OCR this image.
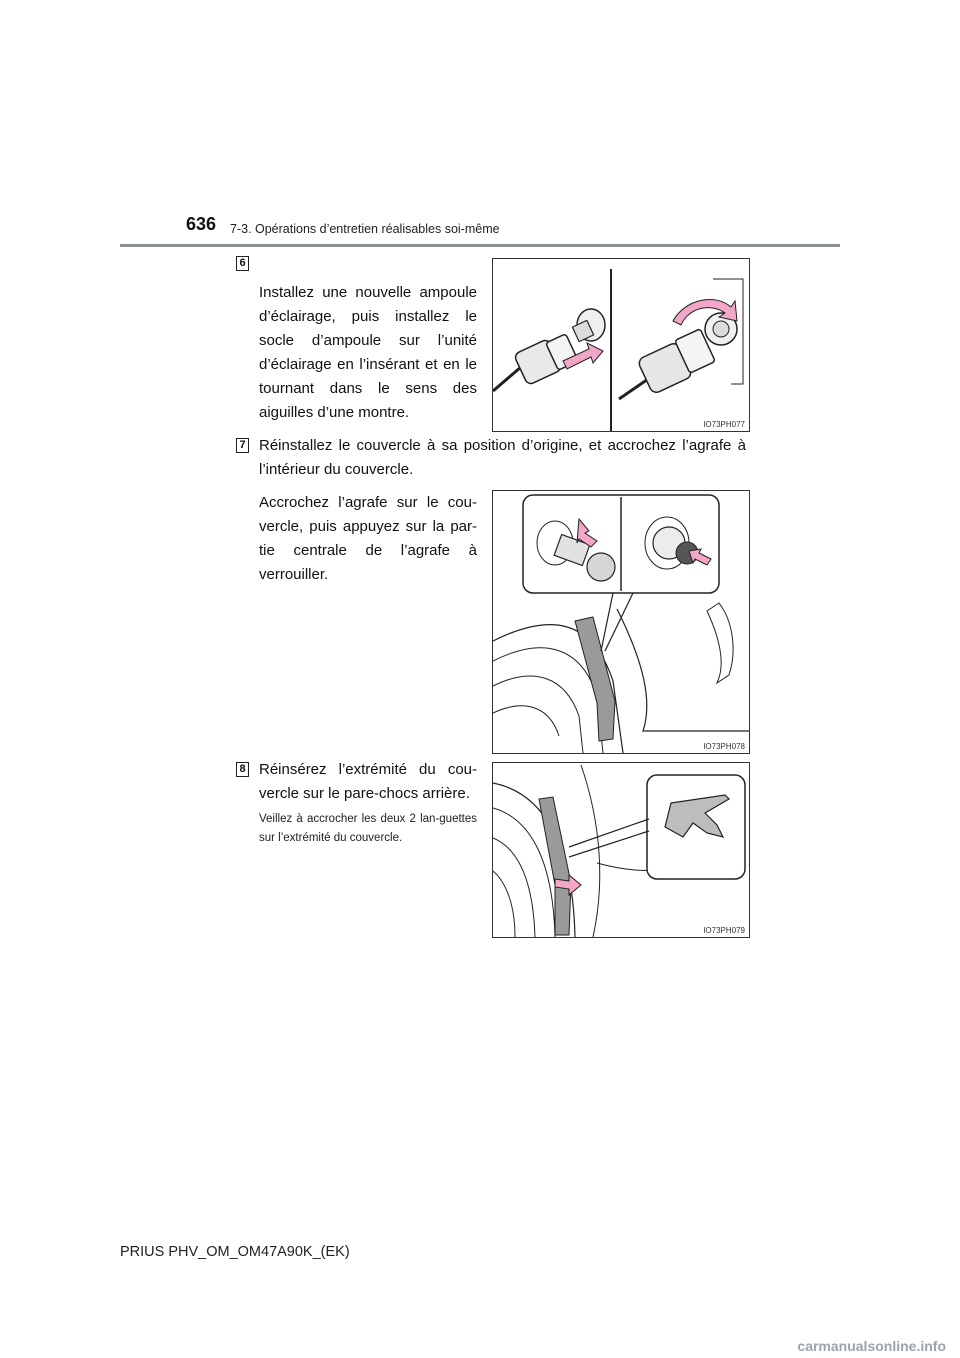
636 7-3. Opérations d’entretien réalisables soi-même
6
Installez une nouvelle ampoule d’éclairage, puis installez le socle d’ampoule sur l’unité d’éclairage en l’insérant et en le tournant dans le sens des aiguilles d’une montre.
IO73PH077
7 Réinstallez le couvercle à sa position d’origine, et accrochez l’agrafe à l’intérieur du couvercle.
Accrochez l’agrafe sur le cou-vercle, puis appuyez sur la par-tie centrale de l’agrafe à verrouiller.
IO73PH078
8 Réinsérez l’extrémité du cou-vercle sur le pare-chocs arrière.
Veillez à accrocher les deux 2 lan-guettes sur l’extrémité du couvercle.
IO73PH079
PRIUS PHV_OM_OM47A90K_(EK)
carmanualsonline.info
